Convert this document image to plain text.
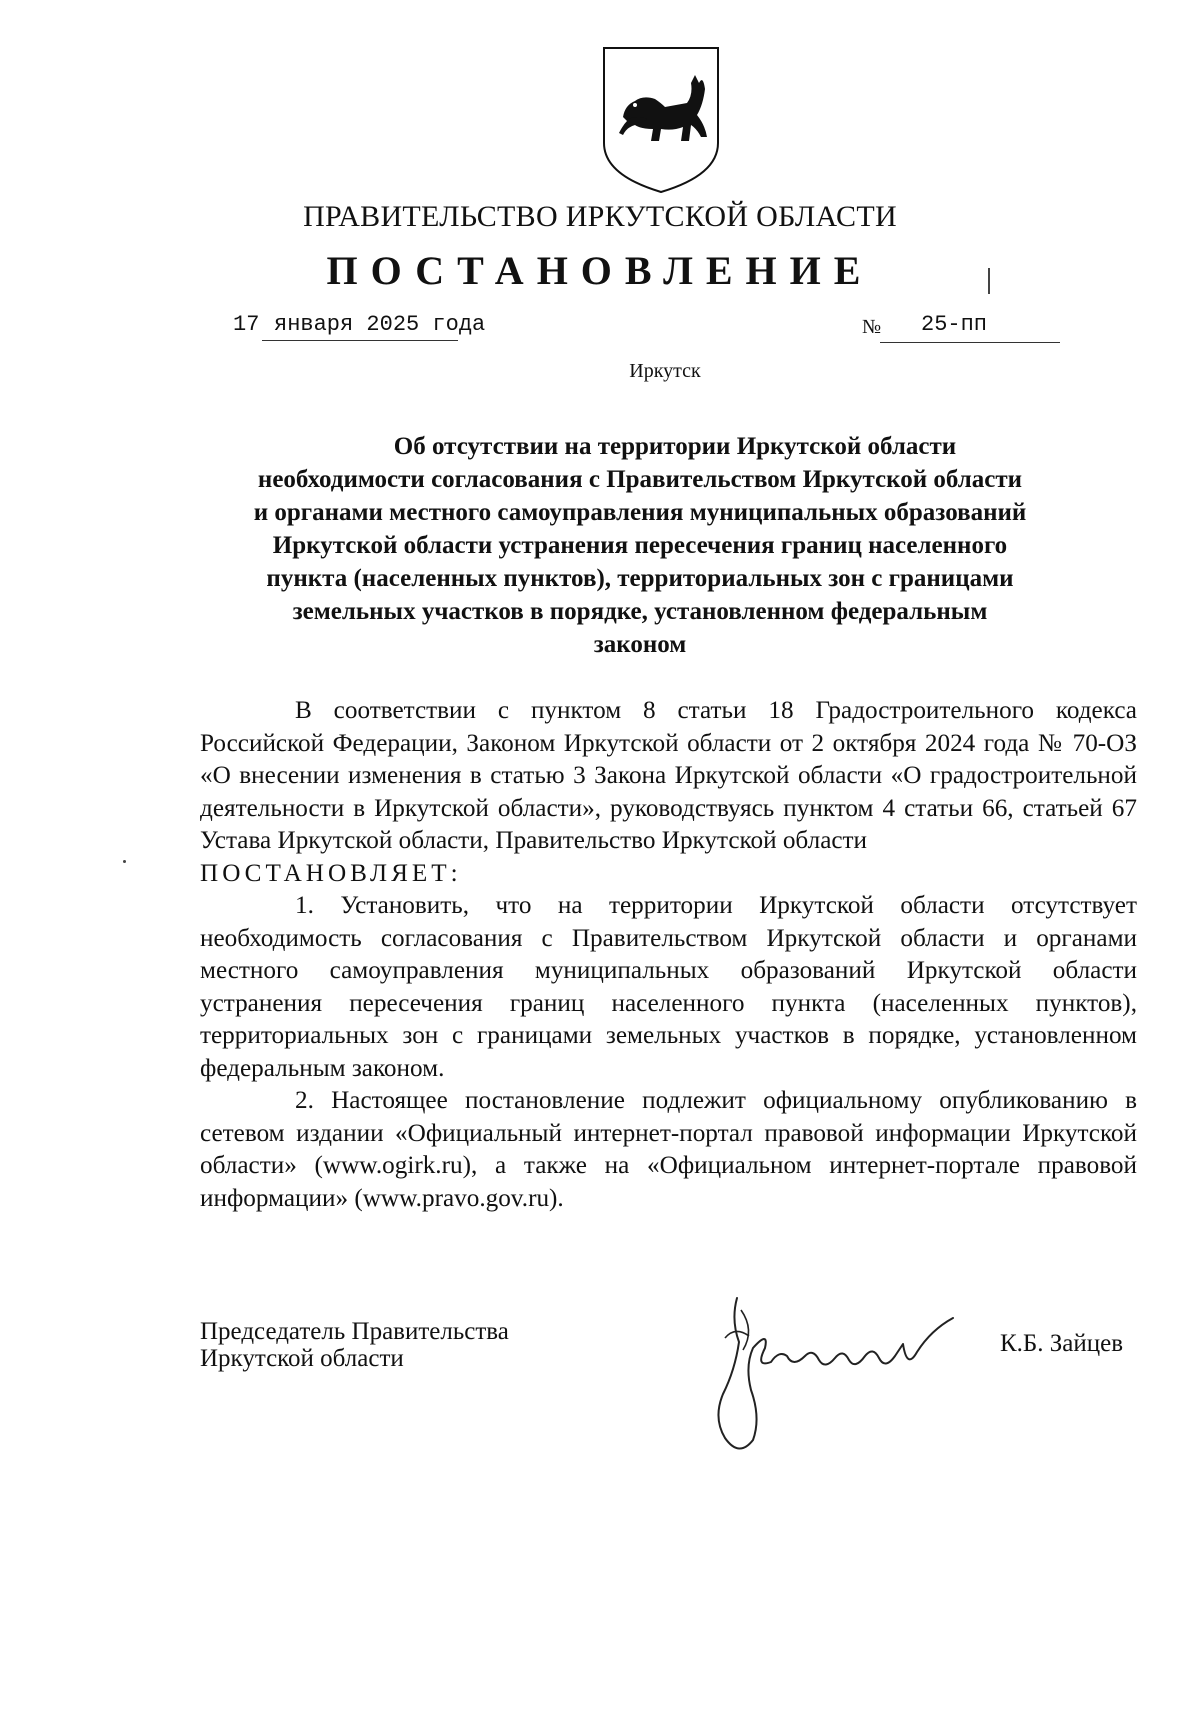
ПРАВИТЕЛЬСТВО ИРКУТСКОЙ ОБЛАСТИ
ПОСТАНОВЛЕНИЕ
17 января 2025 года	№ 25-пп
Иркутск
Об отсутствии на территории Иркутской области
необходимости согласования с Правительством Иркутской области
и органами местного самоуправления муниципальных образований
Иркутской области устранения пересечения границ населенного
пункта (населенных пунктов), территориальных зон с границами
земельных участков в порядке, установленном федеральным
законом

В соответствии с пунктом 8 статьи 18 Градостроительного кодекса Российской Федерации, Законом Иркутской области от 2 октября 2024 года № 70-ОЗ «О внесении изменения в статью 3 Закона Иркутской области «О градостроительной деятельности в Иркутской области», руководствуясь пунктом 4 статьи 66, статьей 67 Устава Иркутской области, Правительство Иркутской области

ПОСТАНОВЛЯЕТ:

1. Установить, что на территории Иркутской области отсутствует необходимость согласования с Правительством Иркутской области и органами местного самоуправления муниципальных образований Иркутской области устранения пересечения границ населенного пункта (населенных пунктов), территориальных зон с границами земельных участков в порядке, установленном федеральным законом.

2. Настоящее постановление подлежит официальному опубликованию в сетевом издании «Официальный интернет-портал правовой информации Иркутской области» (www.ogirk.ru), а также на «Официальном интернет-портале правовой информации» (www.pravo.gov.ru).

Председатель Правительства
Иркутской области
К.Б. Зайцев
